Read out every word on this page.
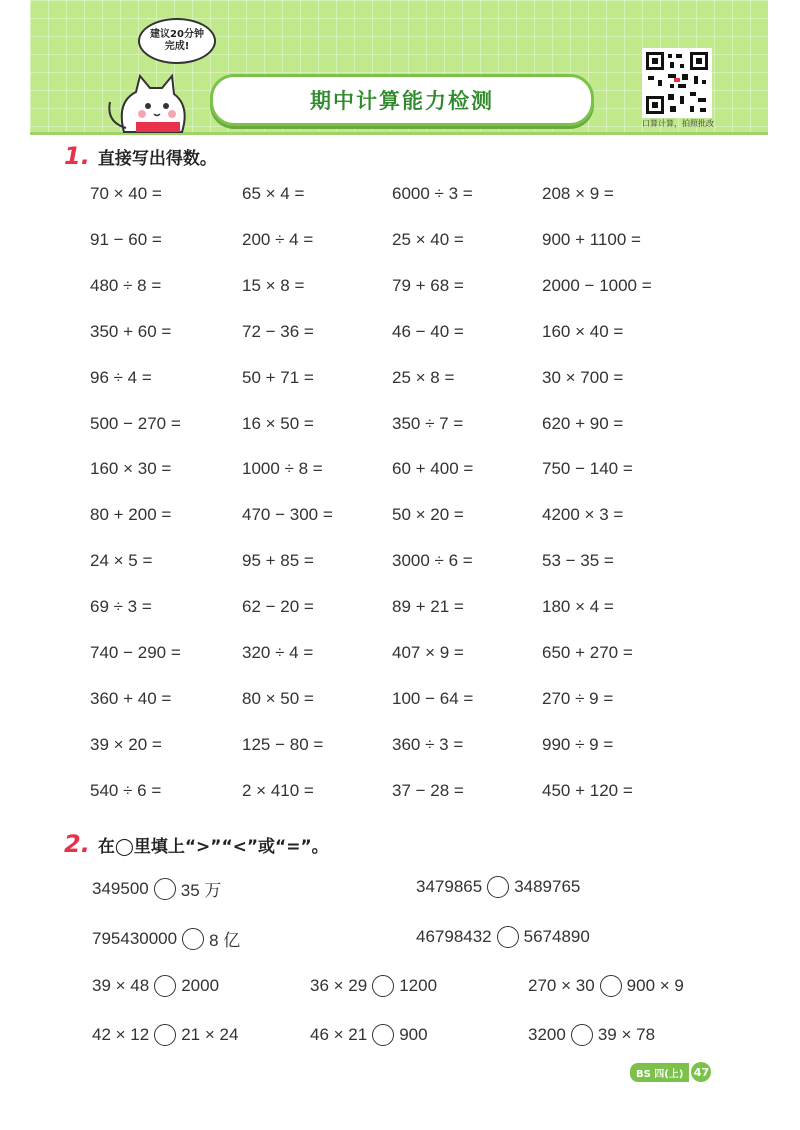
建议20分钟完成!
期中计算能力检测
口算计算，拍照批改
1. 直接写出得数。
70 × 40 =	65 × 4 =	6000 ÷ 3 =	208 × 9 =
91 − 60 =	200 ÷ 4 =	25 × 40 =	900 + 1100 =
480 ÷ 8 =	15 × 8 =	79 + 68 =	2000 − 1000 =
350 + 60 =	72 − 36 =	46 − 40 =	160 × 40 =
96 ÷ 4 =	50 + 71 =	25 × 8 =	30 × 700 =
500 − 270 =	16 × 50 =	350 ÷ 7 =	620 + 90 =
160 × 30 =	1000 ÷ 8 =	60 + 400 =	750 − 140 =
80 + 200 =	470 − 300 =	50 × 20 =	4200 × 3 =
24 × 5 =	95 + 85 =	3000 ÷ 6 =	53 − 35 =
69 ÷ 3 =	62 − 20 =	89 + 21 =	180 × 4 =
740 − 290 =	320 ÷ 4 =	407 × 9 =	650 + 270 =
360 + 40 =	80 × 50 =	100 − 64 =	270 ÷ 9 =
39 × 20 =	125 − 80 =	360 ÷ 3 =	990 ÷ 9 =
540 ÷ 6 =	2 × 410 =	37 − 28 =	450 + 120 =
2. 在◯里填上“>”“<”或“=”。
349500 35 万	3479865 3489765
795430000 8 亿	46798432 5674890
39 × 48 2000	36 × 29 1200	270 × 30 900 × 9
42 × 12 21 × 24	46 × 21 900	3200 39 × 78
BS 四(上) 47
